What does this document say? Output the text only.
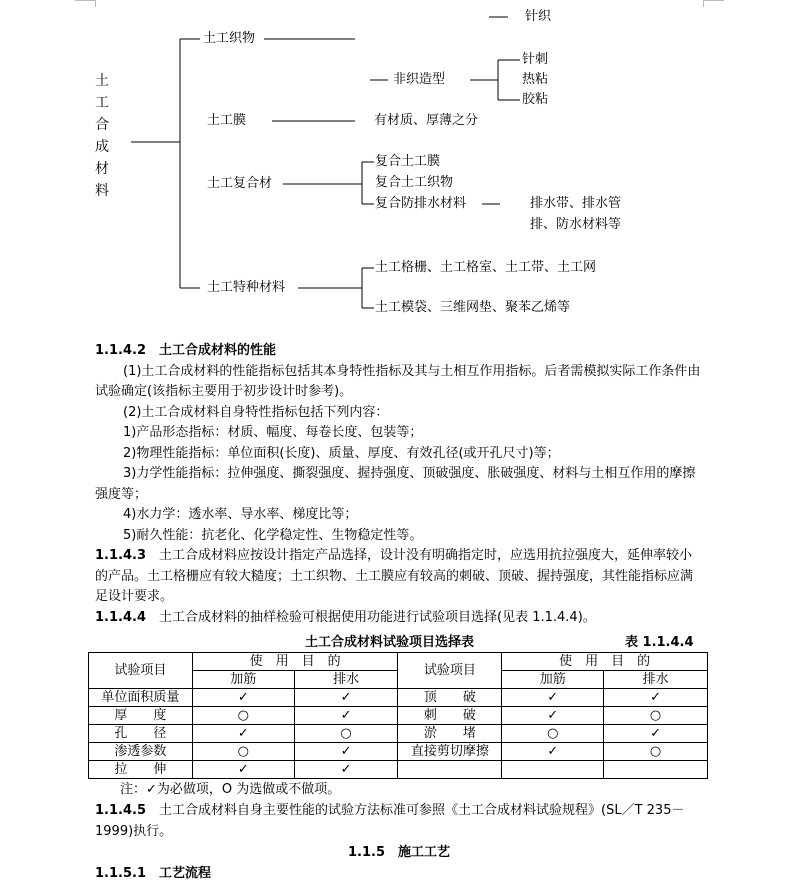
土
工
合
成
材
料
土工织物
针织
非织造型
针刺
热粘
胶粘
土工膜	有材质、厚薄之分
土工复合材
复合土工膜
复合土工织物
复合防排水材料	排水带、排水管
排、防水材料等
土工特种材料
土工格栅、土工格室、土工带、土工网
土工模袋、三维网垫、聚苯乙烯等
1.1.4.2　 土工合成材料的性能
(1)土工合成材料的性能指标包括其本身特性指标及其与土相互作用指标。后者需模拟实际工作条件由试验确定(该指标主要用于初步设计时参考)。
(2)土工合成材料自身特性指标包括下列内容：
1)产品形态指标：材质、幅度、每卷长度、包装等；
2)物理性能指标：单位面积(长度)、质量、厚度、有效孔径(或开孔尺寸)等；
3)力学性能指标：拉伸强度、撕裂强度、握持强度、顶破强度、胀破强度、材料与土相互作用的摩擦强度等；
4)水力学：透水率、导水率、梯度比等；
5)耐久性能：抗老化、化学稳定性、生物稳定性等。
1.1.4.3　 土工合成材料应按设计指定产品选择，设计没有明确指定时，应选用抗拉强度大，延伸率较小的产品。土工格栅应有较大糙度；土工织物、土工膜应有较高的刺破、顶破、握持强度，其性能指标应满足设计要求。
1.1.4.4　 土工合成材料的抽样检验可根据使用功能进行试验项目选择(见表 1.1.4.4)。
土工合成材料试验项目选择表	表 1.1.4.4
试验项目	使　用　目　的		试验项目	使　用　目　的	
	加筋	排水		加筋	排水
单位面积质量	✓	✓	顶　　破	✓	✓
厚　　度	○	✓	刺　　破	✓	○
孔　　径	✓	○	淤　　堵	○	✓
渗透参数	○	✓	直接剪切摩擦	✓	○
拉　　伸	✓	✓			
注：✓为必做项，O 为选做或不做项。
1.1.4.5　 土工合成材料自身主要性能的试验方法标准可参照《土工合成材料试验规程》(SL／T 235－1999)执行。
1.1.5　 施工工艺
1.1.5.1　 工艺流程
